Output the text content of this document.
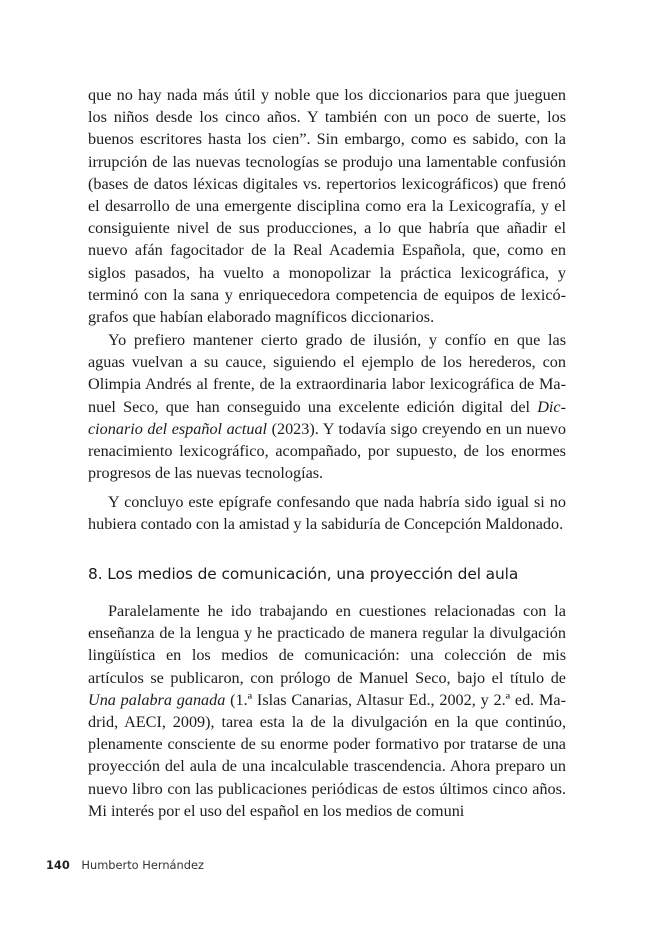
que no hay nada más útil y noble que los diccionarios para que jueguen los niños desde los cinco años. Y también con un poco de suerte, los buenos escritores hasta los cien”. Sin embargo, como es sabido, con la irrupción de las nuevas tecnologías se produjo una lamentable confusión (bases de datos léxicas digitales vs. repertorios lexicográficos) que frenó el desarrollo de una emergente disciplina como era la Lexicografía, y el consiguiente nivel de sus producciones, a lo que habría que añadir el nuevo afán fagocitador de la Real Academia Española, que, como en siglos pasados, ha vuelto a monopolizar la práctica lexicográfica, y terminó con la sana y enriquecedora competencia de equipos de lexicógrafos que habían elaborado magníficos diccionarios.

Yo prefiero mantener cierto grado de ilusión, y confío en que las aguas vuelvan a su cauce, siguiendo el ejemplo de los herederos, con Olimpia Andrés al frente, de la extraordinaria labor lexicográfica de Manuel Seco, que han conseguido una excelente edición digital del Diccionario del español actual (2023). Y todavía sigo creyendo en un nuevo renacimiento lexicográfico, acompañado, por supuesto, de los enormes progresos de las nuevas tecnologías.

Y concluyo este epígrafe confesando que nada habría sido igual si no hubiera contado con la amistad y la sabiduría de Concepción Maldonado.

8. Los medios de comunicación, una proyección del aula

Paralelamente he ido trabajando en cuestiones relacionadas con la enseñanza de la lengua y he practicado de manera regular la divulgación lingüística en los medios de comunicación: una colección de mis artículos se publicaron, con prólogo de Manuel Seco, bajo el título de Una palabra ganada (1.ª Islas Canarias, Altasur Ed., 2002, y 2.ª ed. Madrid, AECI, 2009), tarea esta la de la divulgación en la que continúo, plenamente consciente de su enorme poder formativo por tratarse de una proyección del aula de una incalculable trascendencia. Ahora preparo un nuevo libro con las publicaciones periódicas de estos últimos cinco años. Mi interés por el uso del español en los medios de comuni

140 Humberto Hernández
